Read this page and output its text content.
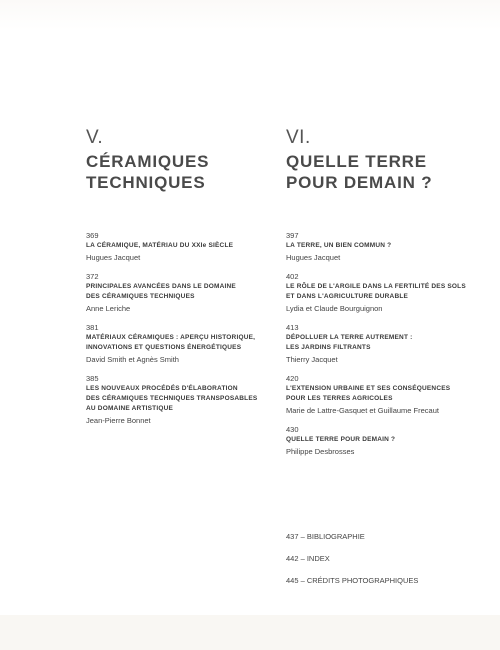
V.
CÉRAMIQUES
TECHNIQUES
VI.
QUELLE TERRE
POUR DEMAIN ?
369
LA CÉRAMIQUE, MATÉRIAU DU XXIe SIÈCLE
Hugues Jacquet
372
PRINCIPALES AVANCÉES DANS LE DOMAINE
DES CÉRAMIQUES TECHNIQUES
Anne Leriche
381
MATÉRIAUX CÉRAMIQUES : APERÇU HISTORIQUE,
INNOVATIONS ET QUESTIONS ÉNERGÉTIQUES
David Smith et Agnès Smith
385
LES NOUVEAUX PROCÉDÉS D'ÉLABORATION
DES CÉRAMIQUES TECHNIQUES TRANSPOSABLES
AU DOMAINE ARTISTIQUE
Jean-Pierre Bonnet
397
LA TERRE, UN BIEN COMMUN ?
Hugues Jacquet
402
LE RÔLE DE L'ARGILE DANS LA FERTILITÉ DES SOLS
ET DANS L'AGRICULTURE DURABLE
Lydia et Claude Bourguignon
413
DÉPOLLUER LA TERRE AUTREMENT :
LES JARDINS FILTRANTS
Thierry Jacquet
420
L'EXTENSION URBAINE ET SES CONSÉQUENCES
POUR LES TERRES AGRICOLES
Marie de Lattre-Gasquet et Guillaume Frecaut
430
QUELLE TERRE POUR DEMAIN ?
Philippe Desbrosses
437 – BIBLIOGRAPHIE
442 – INDEX
445 – CRÉDITS PHOTOGRAPHIQUES
